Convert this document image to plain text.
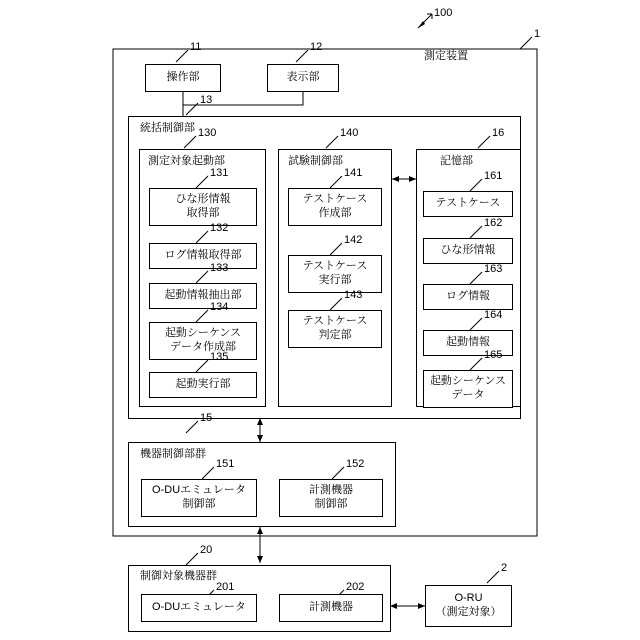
100
1
測定装置
11
操作部
12
表示部
13
統括制御部 130
測定対象起動部
131
ひな形情報
取得部
132
ログ情報取得部
133
起動情報抽出部
134
起動シーケンス
データ作成部
135
起動実行部
140
試験制御部
141
テストケース
作成部
142
テストケース
実行部
143
テストケース
判定部
16
記憶部
161
テストケース
162
ひな形情報
163
ログ情報
164
起動情報
165
起動シーケンス
データ
15
機器制御部群
151
O-DUエミュレータ
制御部
152
計測機器
制御部
20
制御対象機器群
201
O-DUエミュレータ
202
計測機器
2
O-RU
（測定対象）
